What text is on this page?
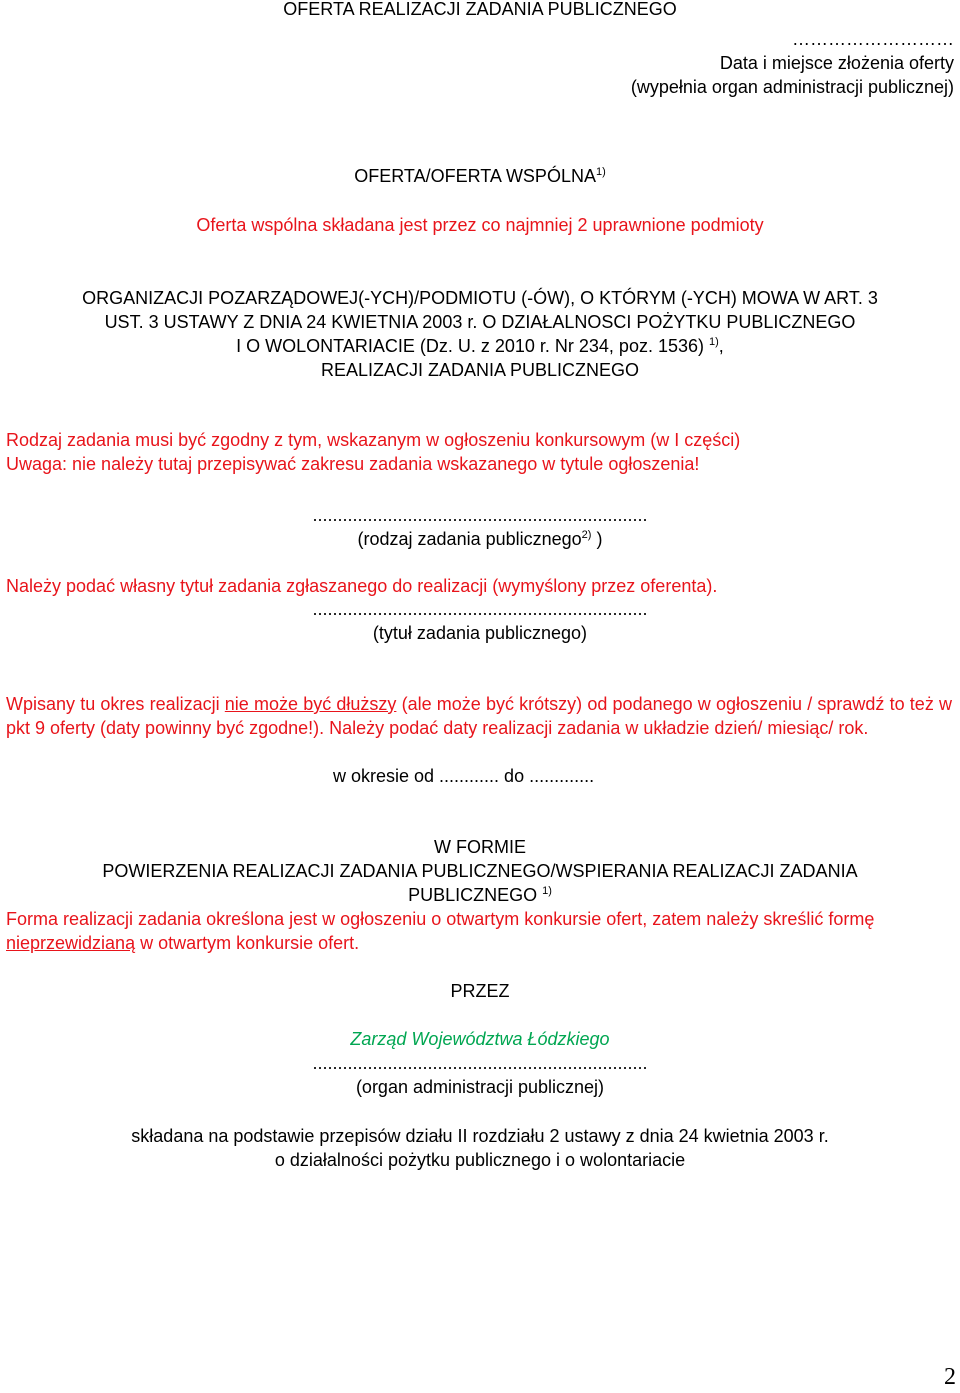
OFERTA REALIZACJI ZADANIA PUBLICZNEGO
………………………
Data i miejsce złożenia oferty
(wypełnia organ administracji publicznej)
OFERTA/OFERTA WSPÓLNA$^{1)}$
Oferta wspólna składana jest przez co najmniej 2 uprawnione podmioty
ORGANIZACJI POZARZĄDOWEJ(-YCH)/PODMIOTU (-ÓW), O KTÓRYM (-YCH) MOWA W ART. 3
UST. 3 USTAWY Z DNIA 24 KWIETNIA 2003 r. O DZIAŁALNOSCI POŻYTKU PUBLICZNEGO
I O WOLONTARIACIE (Dz. U. z 2010 r. Nr 234, poz. 1536) $^{1)}$,
REALIZACJI ZADANIA PUBLICZNEGO
Rodzaj zadania musi być zgodny z tym, wskazanym w ogłoszeniu konkursowym (w I części)
Uwaga: nie należy tutaj przepisywać zakresu zadania wskazanego w tytule ogłoszenia!
...................................................................
(rodzaj zadania publicznego$^{2)}$ )
Należy podać własny tytuł zadania zgłaszanego do realizacji (wymyślony przez oferenta).
...................................................................
(tytuł zadania publicznego)
Wpisany tu okres realizacji nie może być dłuższy (ale może być krótszy) od podanego w ogłoszeniu / sprawdź to też w pkt 9 oferty (daty powinny być zgodne!). Należy podać daty realizacji zadania w układzie dzień/ miesiąc/ rok.
w okresie od ............ do .............
W FORMIE
POWIERZENIA REALIZACJI ZADANIA PUBLICZNEGO/WSPIERANIA REALIZACJI ZADANIA
PUBLICZNEGO $^{1)}$
Forma realizacji zadania określona jest w ogłoszeniu o otwartym konkursie ofert, zatem należy skreślić formę nieprzewidzianą w otwartym konkursie ofert.
PRZEZ
Zarząd Województwa Łódzkiego
...................................................................
(organ administracji publicznej)
składana na podstawie przepisów działu II rozdziału 2 ustawy z dnia 24 kwietnia 2003 r.
o działalności pożytku publicznego i o wolontariacie
2
